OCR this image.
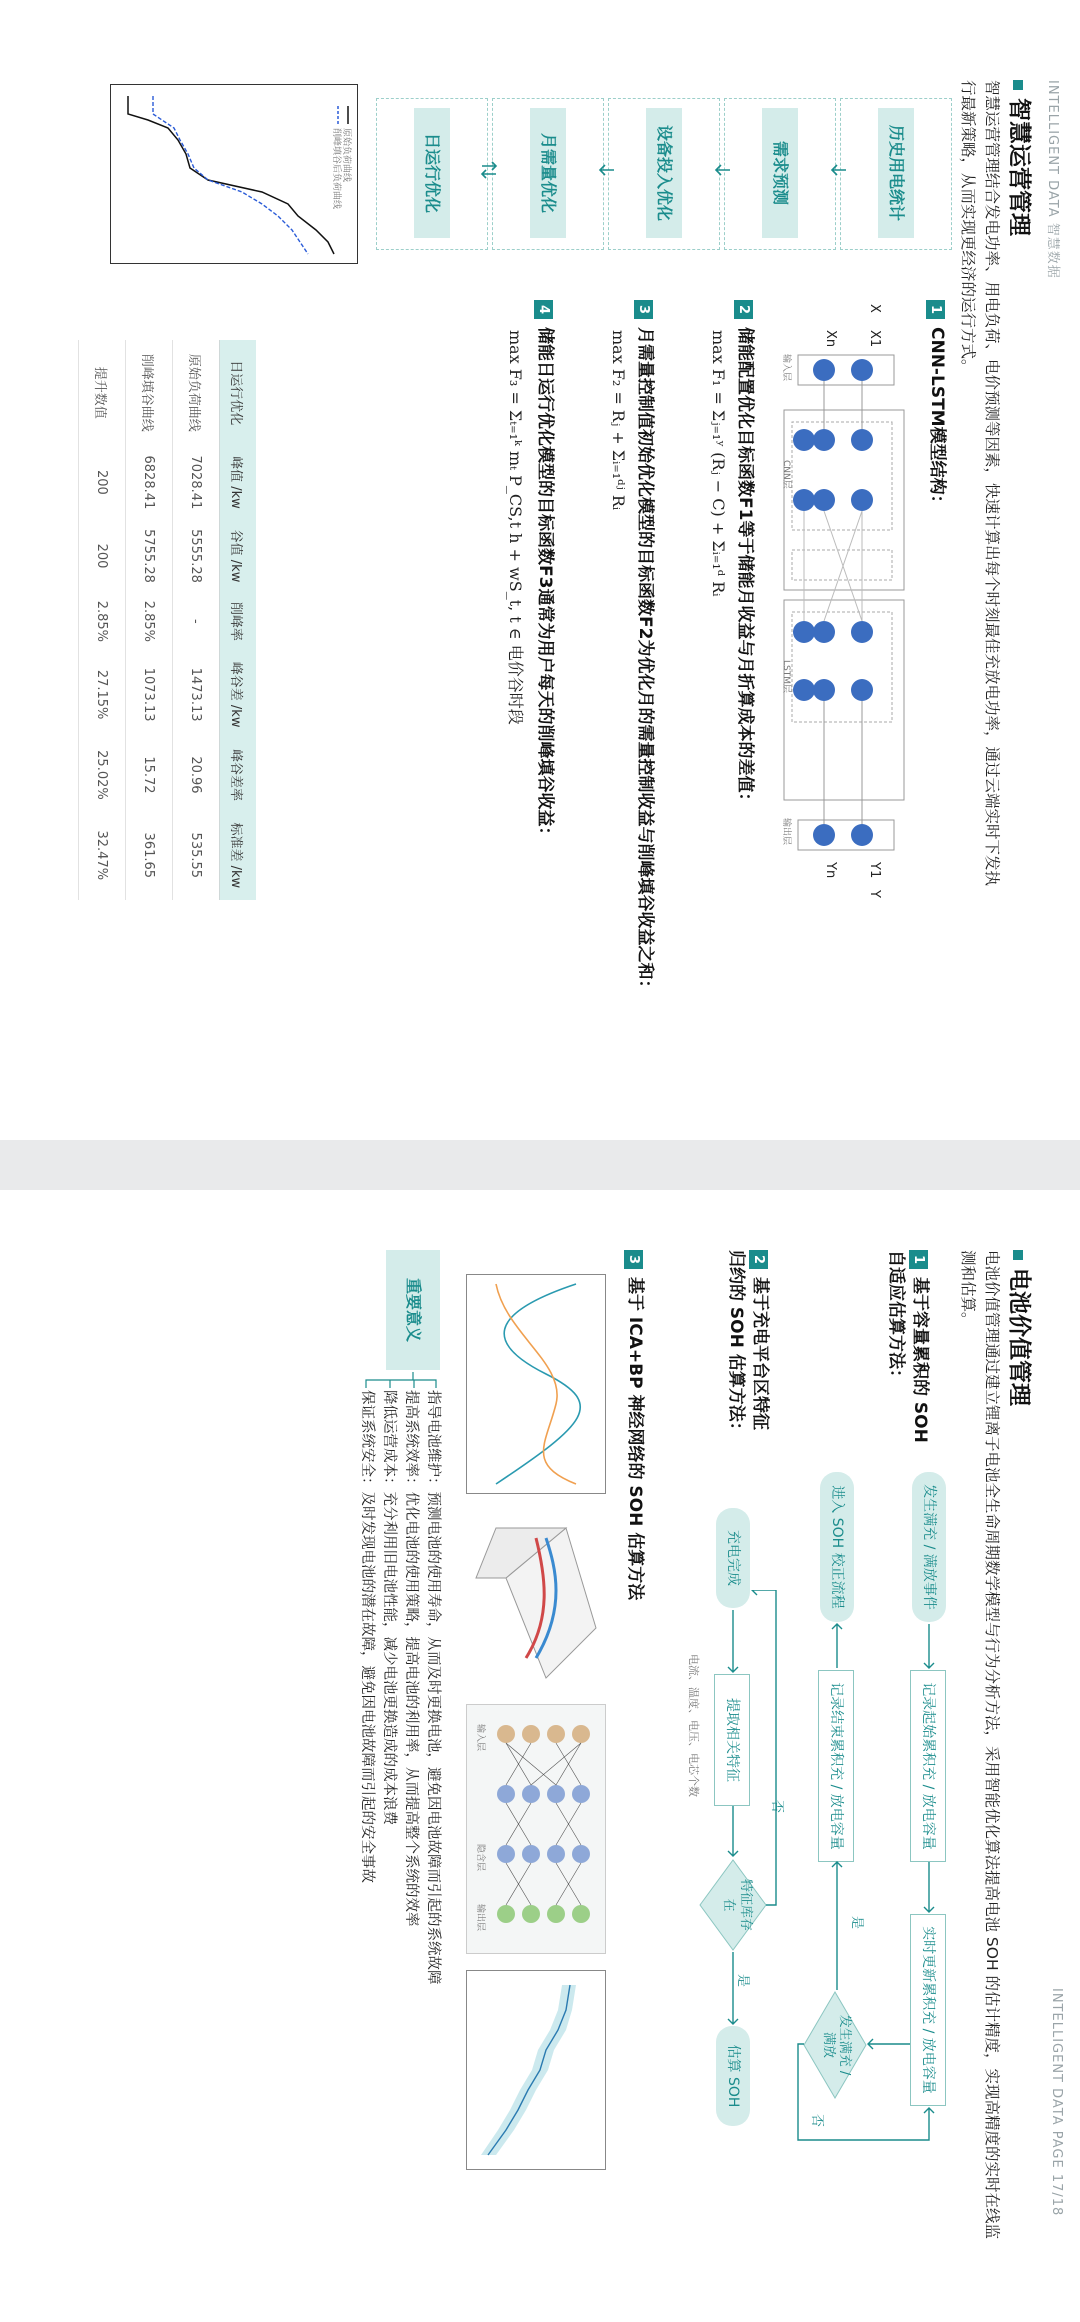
INTELLIGENT DATA 智慧数据
智慧运营管理
智慧运营管理结合发电功率、用电负荷、电价预测等因素，快速计算出每个时刻最佳充放电功率，通过云端实时下发执行最新策略，从而实现更经济的运行方式。
历史用电统计
需求预测
设备投入优化
月需量优化
日运行优化
原始负荷曲线
削峰填谷后负荷曲线
1CNN-LSTM模型结构：
X
X1
Xn
输入层
CNN层
LSTM层
输出层
Y1
Yn
Y
2储能配置优化目标函数F1等于储能月收益与月折算成本的差值：
max F₁ = Σⱼ₌₁ʸ (Rⱼ − C) + Σᵢ₌₁ᵈ Rᵢ
3月需量控制值初始优化模型的目标函数F2为优化月的需量控制收益与削峰填谷收益之和：
max F₂ = Rⱼ + Σᵢ₌₁ᵈʲ Rᵢ
4储能日运行优化模型的目标函数F3通常为用户每天的削峰填谷收益：
max F₃ = Σₜ₌₁ᵏ mₜ P_CS,t h + wS_t, t ∈ 电价谷时段
日运行优化	峰值 /kw	谷值 /kw	削峰率	峰谷差 /kw	峰谷差率	标准差 /kw
原始负荷曲线	7028.41	5555.28	-	1473.13	20.96	535.55
削峰填谷曲线	6828.41	5755.28	2.85%	1073.13	15.72	361.65
提升数值	200	200	2.85%	27.15%	25.02%	32.47%
INTELLIGENT DATA PAGE 17/18
电池价值管理
电池价值管理通过建立锂离子电池全生命周期数学模型与行为分析方法，采用智能优化算法提高电池 SOH 的估计精度，实现高精度的实时在线监测和估算。
1基于容量累积的 SOH
自适应估算方法：
发生满充 / 满放事件
记录起始累积充 / 放电容量
实时更新累积充 / 放电容量
发生满充 / 满放
记录结束累积充 / 放电容量
进入 SOH 校正流程
是
否
2基于充电平台区特征
归约的 SOH 估算方法：
充电完成
提取相关特征
电流、温度、电压、电芯个数
特征库存在
估算 SOH
是
否
3基于 ICA+BP 神经网络的 SOH 估算方法
输入层
隐含层
输出层
重要意义
指导电池维护：预测电池的使用寿命，从而及时更换电池，避免因电池故障而引起的系统故障
提高系统效率：优化电池的使用策略，提高电池的利用率，从而提高整个系统的效率
降低运营成本：充分利用旧电池性能，减少电池更换造成的成本浪费
保证系统安全：及时发现电池的潜在故障，避免因电池故障而引起的安全事故
